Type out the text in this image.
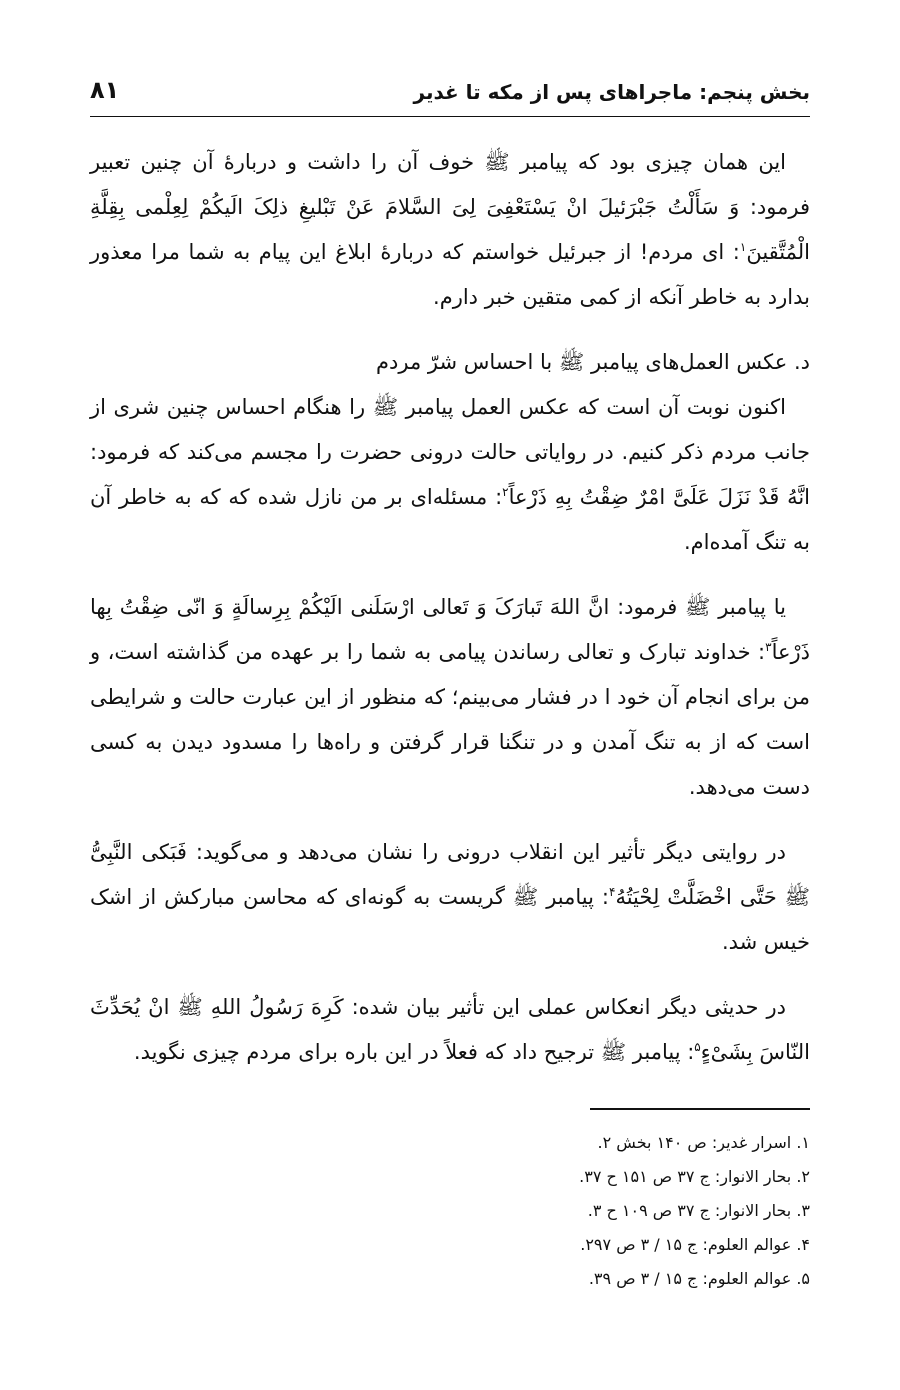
بخش پنجم: ماجراهای پس از مکه تا غدیر
۸۱

این همان چیزی بود که پیامبر ﷺ خوف آن را داشت و دربارهٔ آن چنین تعبیر فرمود: وَ سَأَلْتُ جَبْرَئیلَ انْ یَسْتَعْفِیَ لِیَ السَّلامَ عَنْ تَبْلیغِ ذلِکَ الَیکُمْ لِعِلْمی بِقِلَّةِ الْمُتَّقینَ$^۱$: ای مردم! از جبرئیل خواستم که دربارهٔ ابلاغ این پیام به شما مرا معذور بدارد به خاطر آنکه از کمی متقین خبر دارم.

د. عکس العمل‌های پیامبر ﷺ با احساس شرّ مردم

اکنون نوبت آن است که عکس العمل پیامبر ﷺ را هنگام احساس چنین شری از جانب مردم ذکر کنیم. در روایاتی حالت درونی حضرت را مجسم می‌کند که فرمود: انَّهُ قَدْ نَزَلَ عَلَیَّ امْرٌ ضِقْتُ بِهِ ذَرْعاً$^۲$: مسئله‌ای بر من نازل شده که که به خاطر آن به تنگ آمده‌ام.

یا پیامبر ﷺ فرمود: انَّ اللهَ تَبارَکَ وَ تَعالی ارْسَلَنی الَیْکُمْ بِرِسالَةٍ وَ انّی ضِقْتُ بِها ذَرْعاً$^۳$: خداوند تبارک و تعالی رساندن پیامی به شما را بر عهده من گذاشته است، و من برای انجام آن خود ا در فشار می‌بینم؛ که منظور از این عبارت حالت و شرایطی است که از به تنگ آمدن و در تنگنا قرار گرفتن و راه‌ها را مسدود دیدن به کسی دست می‌دهد.

در روایتی دیگر تأثیر این انقلاب درونی را نشان می‌دهد و می‌گوید: فَبَکی النَّبِیُّ ﷺ حَتَّی اخْضَلَّتْ لِحْیَتُهُ$^۴$: پیامبر ﷺ گریست به گونه‌ای که محاسن مبارکش از اشک خیس شد.

در حدیثی دیگر انعکاس عملی این تأثیر بیان شده: کَرِهَ رَسُولُ اللهِ ﷺ انْ یُحَدِّثَ النّاسَ بِشَیْءٍ$^۵$: پیامبر ﷺ ترجیح داد که فعلاً در این باره برای مردم چیزی نگوید.

۱. اسرار غدیر: ص ۱۴۰ بخش ۲.

۲. بحار الانوار: ج ۳۷ ص ۱۵۱ ح ۳۷.

۳. بحار الانوار: ج ۳۷ ص ۱۰۹ ح ۳.

۴. عوالم العلوم: ج ۱۵ / ۳ ص ۲۹۷.

۵. عوالم العلوم: ج ۱۵ / ۳ ص ۳۹.
